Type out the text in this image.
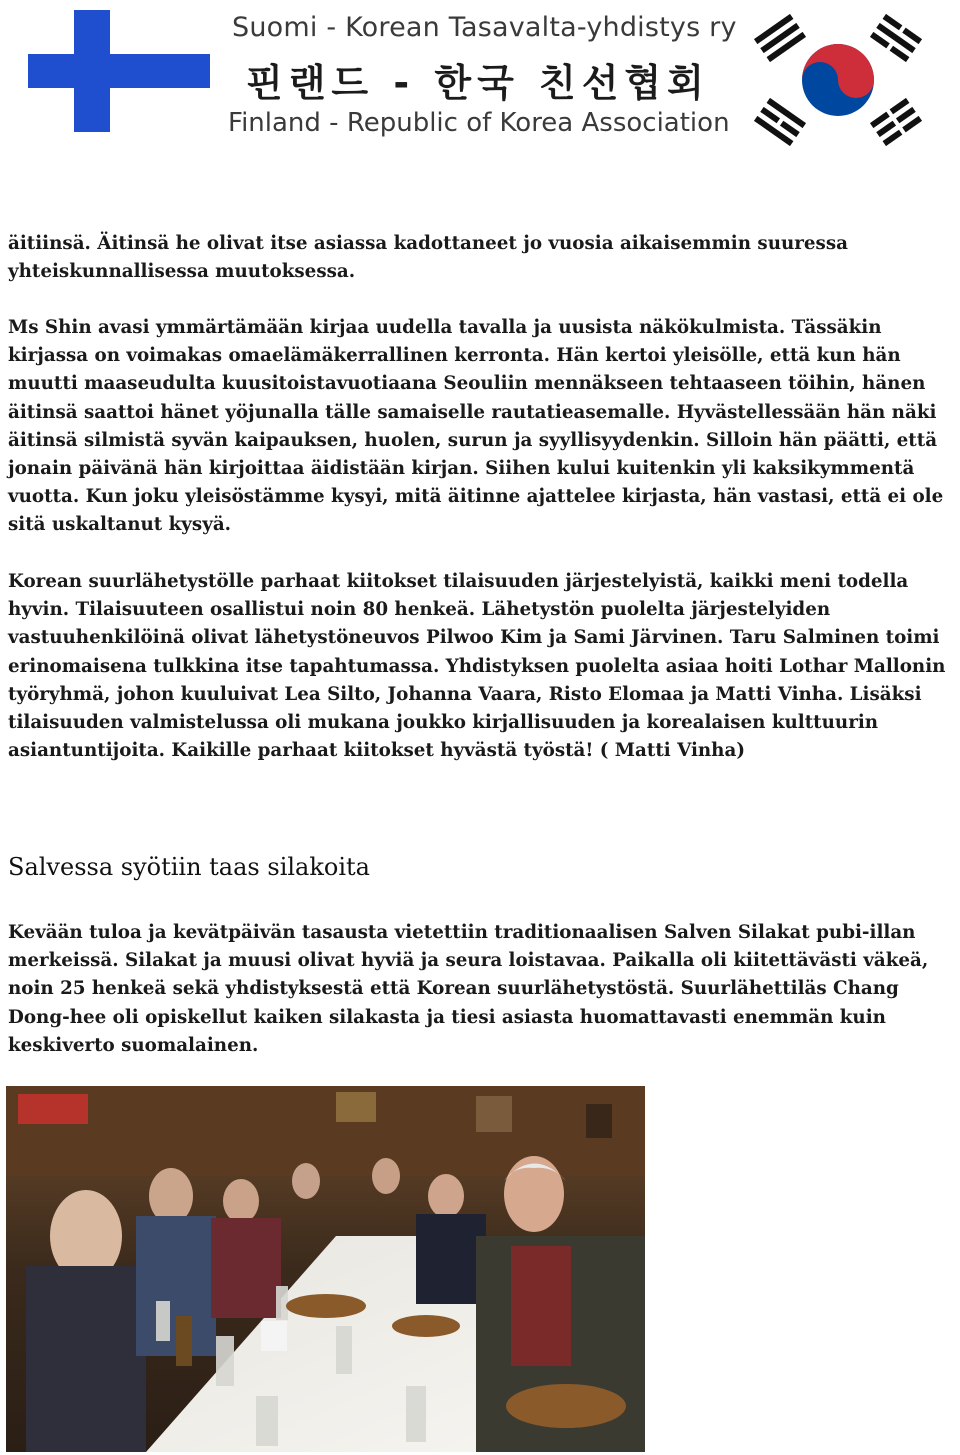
Suomi - Korean Tasavalta-yhdistys ry
핀랜드 - 한국 친선협회
Finland - Republic of Korea Association

äitiinsä. Äitinsä he olivat itse asiassa kadottaneet jo vuosia aikaisemmin suuressa yhteiskunnallisessa muutoksessa.

Ms Shin avasi ymmärtämään kirjaa uudella tavalla ja uusista näkökulmista. Tässäkin kirjassa on voimakas omaelämäkerrallinen kerronta. Hän kertoi yleisölle, että kun hän muutti maaseudulta kuusitoistavuotiaana Seouliin mennäkseen tehtaaseen töihin, hänen äitinsä saattoi hänet yöjunalla tälle samaiselle rautatieasemalle. Hyvästellessään hän näki äitinsä silmistä syvän kaipauksen, huolen, surun ja syyllisyydenkin. Silloin hän päätti, että jonain päivänä hän kirjoittaa äidistään kirjan. Siihen kului kuitenkin yli kaksikymmentä vuotta. Kun joku yleisöstämme kysyi, mitä äitinne ajattelee kirjasta, hän vastasi, että ei ole sitä uskaltanut kysyä.

Korean suurlähetystölle parhaat kiitokset tilaisuuden järjestelyistä, kaikki meni todella hyvin. Tilaisuuteen osallistui noin 80 henkeä. Lähetystön puolelta järjestelyiden vastuuhenkilöinä olivat lähetystöneuvos Pilwoo Kim ja Sami Järvinen. Taru Salminen toimi erinomaisena tulkkina itse tapahtumassa. Yhdistyksen puolelta asiaa hoiti Lothar Mallonin työryhmä, johon kuuluivat Lea Silto, Johanna Vaara, Risto Elomaa ja Matti Vinha. Lisäksi tilaisuuden valmistelussa oli mukana joukko kirjallisuuden ja korealaisen kulttuurin asiantuntijoita. Kaikille parhaat kiitokset hyvästä työstä! ( Matti Vinha)

Salvessa syötiin taas silakoita

Kevään tuloa ja kevätpäivän tasausta vietettiin traditionaalisen Salven Silakat pubi-illan merkeissä. Silakat ja muusi olivat hyviä ja seura loistavaa. Paikalla oli kiitettävästi väkeä, noin 25 henkeä sekä yhdistyksestä että Korean suurlähetystöstä. Suurlähettiläs Chang Dong-hee oli opiskellut kaiken silakasta ja tiesi asiasta huomattavasti enemmän kuin keskiverto suomalainen.
